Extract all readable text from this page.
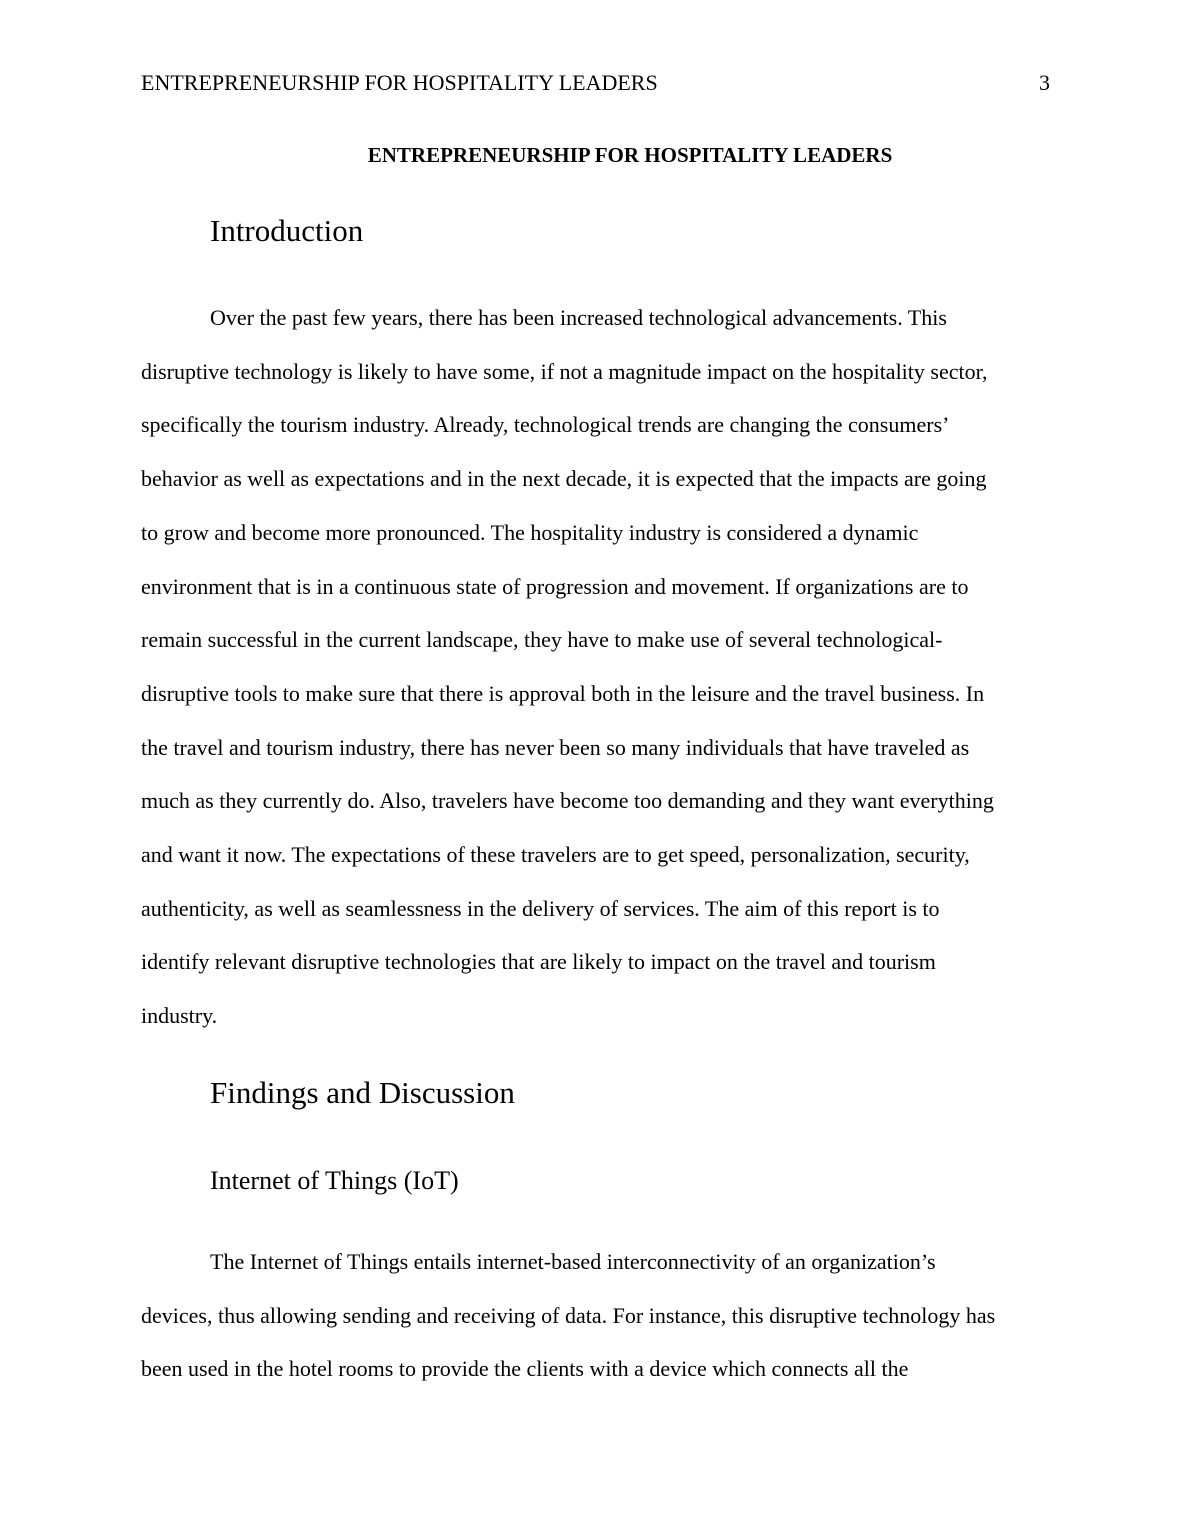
ENTREPRENEURSHIP FOR HOSPITALITY LEADERS	3
ENTREPRENEURSHIP FOR HOSPITALITY LEADERS
Introduction

Over the past few years, there has been increased technological advancements. This
disruptive technology is likely to have some, if not a magnitude impact on the hospitality sector,
specifically the tourism industry. Already, technological trends are changing the consumers’
behavior as well as expectations and in the next decade, it is expected that the impacts are going
to grow and become more pronounced. The hospitality industry is considered a dynamic
environment that is in a continuous state of progression and movement. If organizations are to
remain successful in the current landscape, they have to make use of several technological-
disruptive tools to make sure that there is approval both in the leisure and the travel business. In
the travel and tourism industry, there has never been so many individuals that have traveled as
much as they currently do. Also, travelers have become too demanding and they want everything
and want it now. The expectations of these travelers are to get speed, personalization, security,
authenticity, as well as seamlessness in the delivery of services. The aim of this report is to
identify relevant disruptive technologies that are likely to impact on the travel and tourism
industry.

Findings and Discussion
Internet of Things (IoT)

The Internet of Things entails internet-based interconnectivity of an organization’s
devices, thus allowing sending and receiving of data. For instance, this disruptive technology has
been used in the hotel rooms to provide the clients with a device which connects all the
